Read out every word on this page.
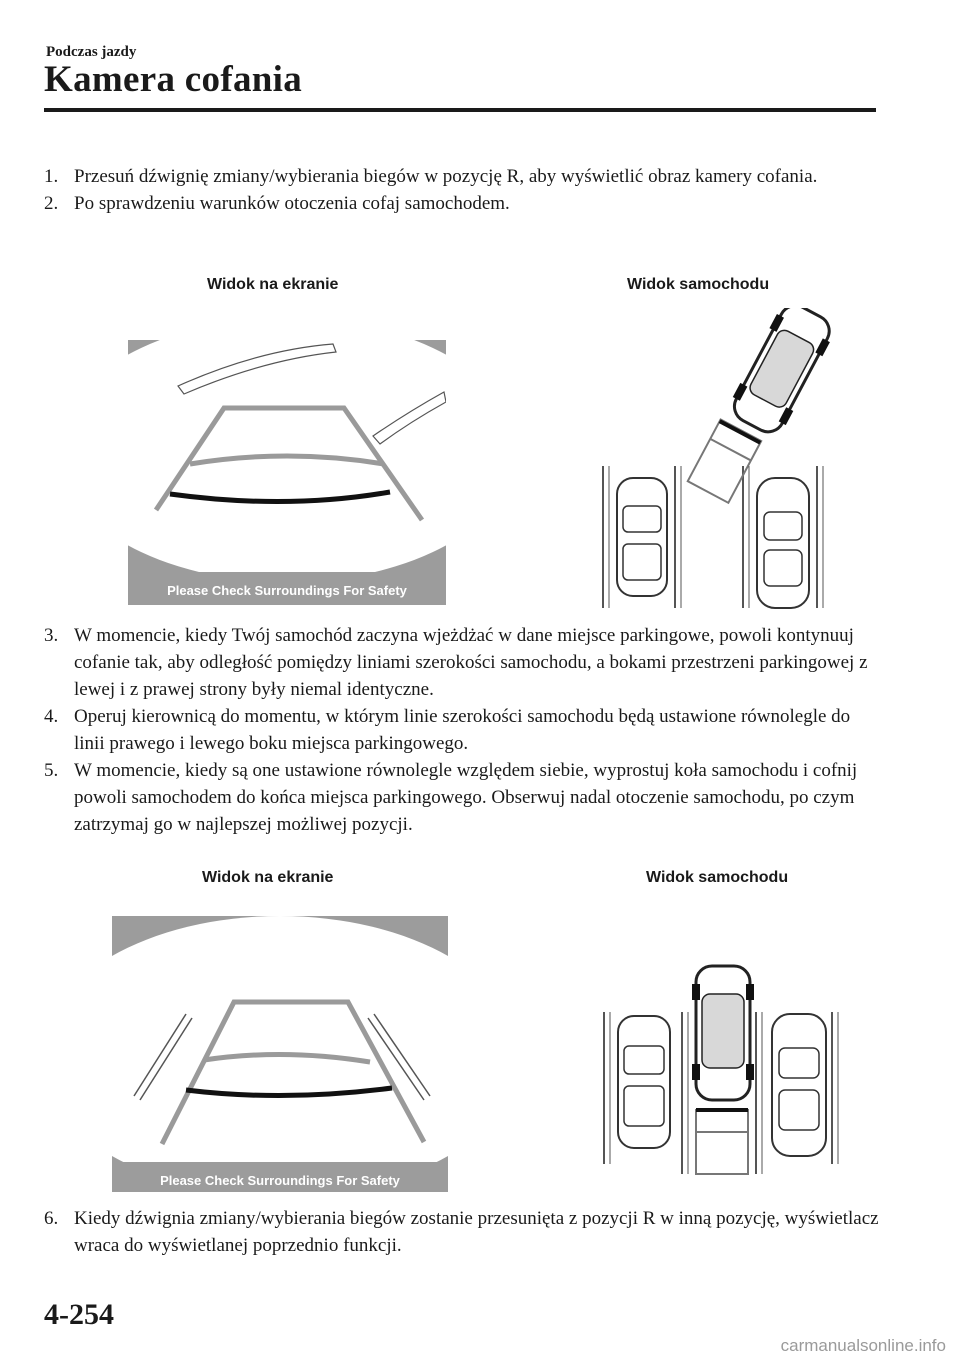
Podczas jazdy
Kamera cofania
1. Przesuń dźwignię zmiany/wybierania biegów w pozycję R, aby wyświetlić obraz kamery cofania.
2. Po sprawdzeniu warunków otoczenia cofaj samochodem.
Widok na ekranie	Widok samochodu
Please Check Surroundings For Safety
3. W momencie, kiedy Twój samochód zaczyna wjeżdżać w dane miejsce parkingowe, powoli kontynuuj cofanie tak, aby odległość pomiędzy liniami szerokości samochodu, a bokami przestrzeni parkingowej z lewej i z prawej strony były niemal identyczne.
4. Operuj kierownicą do momentu, w którym linie szerokości samochodu będą ustawione równolegle do linii prawego i lewego boku miejsca parkingowego.
5. W momencie, kiedy są one ustawione równolegle względem siebie, wyprostuj koła samochodu i cofnij powoli samochodem do końca miejsca parkingowego. Obserwuj nadal otoczenie samochodu, po czym zatrzymaj go w najlepszej możliwej pozycji.
Widok na ekranie	Widok samochodu
Please Check Surroundings For Safety
6. Kiedy dźwignia zmiany/wybierania biegów zostanie przesunięta z pozycji R w inną pozycję, wyświetlacz wraca do wyświetlanej poprzednio funkcji.
4-254
carmanualsonline.info
